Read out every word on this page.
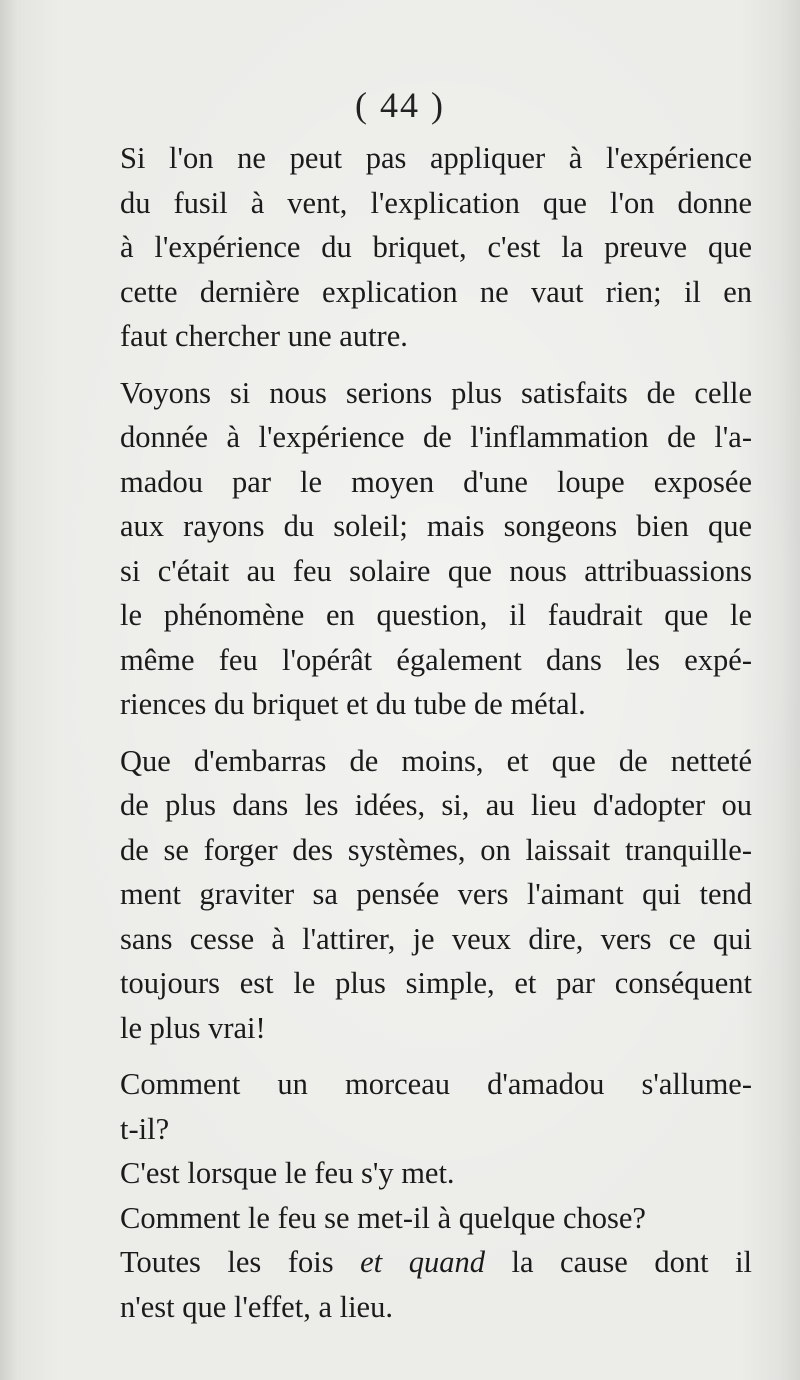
( 44 )

Si l'on ne peut pas appliquer à l'expérience
du fusil à vent, l'explication que l'on donne
à l'expérience du briquet, c'est la preuve que
cette dernière explication ne vaut rien; il en
faut chercher une autre.

Voyons si nous serions plus satisfaits de celle
donnée à l'expérience de l'inflammation de l'a-
madou par le moyen d'une loupe exposée
aux rayons du soleil; mais songeons bien que
si c'était au feu solaire que nous attribuassions
le phénomène en question, il faudrait que le
même feu l'opérât également dans les expé-
riences du briquet et du tube de métal.

Que d'embarras de moins, et que de netteté
de plus dans les idées, si, au lieu d'adopter ou
de se forger des systèmes, on laissait tranquille-
ment graviter sa pensée vers l'aimant qui tend
sans cesse à l'attirer, je veux dire, vers ce qui
toujours est le plus simple, et par conséquent
le plus vrai!

Comment un morceau d'amadou s'allume-
t-il?

C'est lorsque le feu s'y met.

Comment le feu se met-il à quelque chose?

Toutes les fois et quand la cause dont il
n'est que l'effet, a lieu.
